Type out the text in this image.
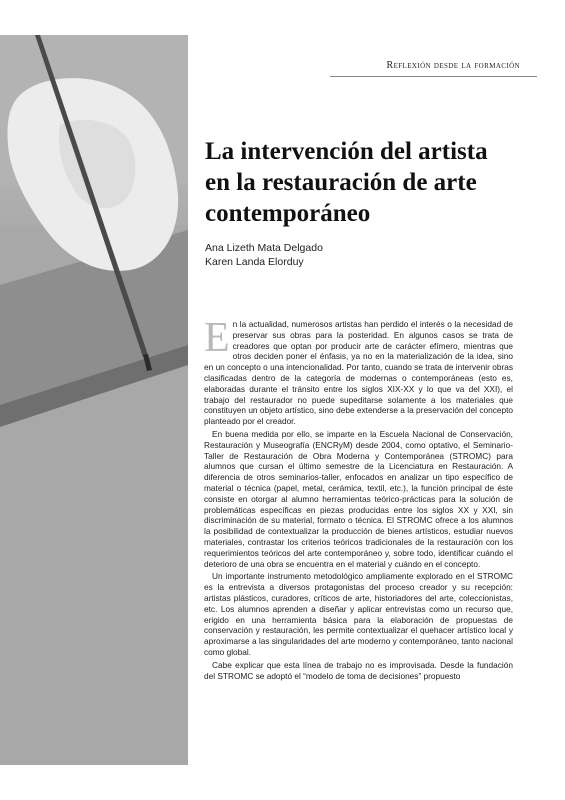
Reflexión desde la formación
La intervención del artista
en la restauración de arte
contemporáneo
Ana Lizeth Mata Delgado
Karen Landa Elorduy

En la actualidad, numerosos artistas han perdido el interés o la necesidad de preservar sus obras para la posteridad. En algunos casos se trata de creadores que optan por producir arte de carácter efímero, mientras que otros deciden poner el énfasis, ya no en la materialización de la idea, sino en un concepto o una intencionalidad. Por tanto, cuando se trata de intervenir obras clasificadas dentro de la categoría de modernas o contemporáneas (esto es, elaboradas durante el tránsito entre los siglos XIX-XX y lo que va del XXI), el trabajo del restaurador no puede supeditarse solamente a los materiales que constituyen un objeto artístico, sino debe extenderse a la preservación del concepto planteado por el creador.

En buena medida por ello, se imparte en la Escuela Nacional de Conservación, Restauración y Museografía (ENCRyM) desde 2004, como optativo, el Seminario-Taller de Restauración de Obra Moderna y Contemporánea (STROMC) para alumnos que cursan el último semestre de la Licenciatura en Restauración. A diferencia de otros seminarios-taller, enfocados en analizar un tipo específico de material o técnica (papel, metal, cerámica, textil, etc.), la función principal de éste consiste en otorgar al alumno herramientas teórico-prácticas para la solución de problemáticas específicas en piezas producidas entre los siglos XX y XXI, sin discriminación de su material, formato o técnica. El STROMC ofrece a los alumnos la posibilidad de contextualizar la producción de bienes artísticos, estudiar nuevos materiales, contrastar los criterios teóricos tradicionales de la restauración con los requerimientos teóricos del arte contemporáneo y, sobre todo, identificar cuándo el deterioro de una obra se encuentra en el material y cuándo en el concepto.

Un importante instrumento metodológico ampliamente explorado en el STROMC es la entrevista a diversos protagonistas del proceso creador y su recepción: artistas plásticos, curadores, críticos de arte, historiadores del arte, coleccionistas, etc. Los alumnos aprenden a diseñar y aplicar entrevistas como un recurso que, erigido en una herramienta básica para la elaboración de propuestas de conservación y restauración, les permite contextualizar el quehacer artístico local y aproximarse a las singularidades del arte moderno y contemporáneo, tanto nacional como global.

Cabe explicar que esta línea de trabajo no es improvisada. Desde la fundación del STROMC se adoptó el “modelo de toma de decisiones” propuesto
